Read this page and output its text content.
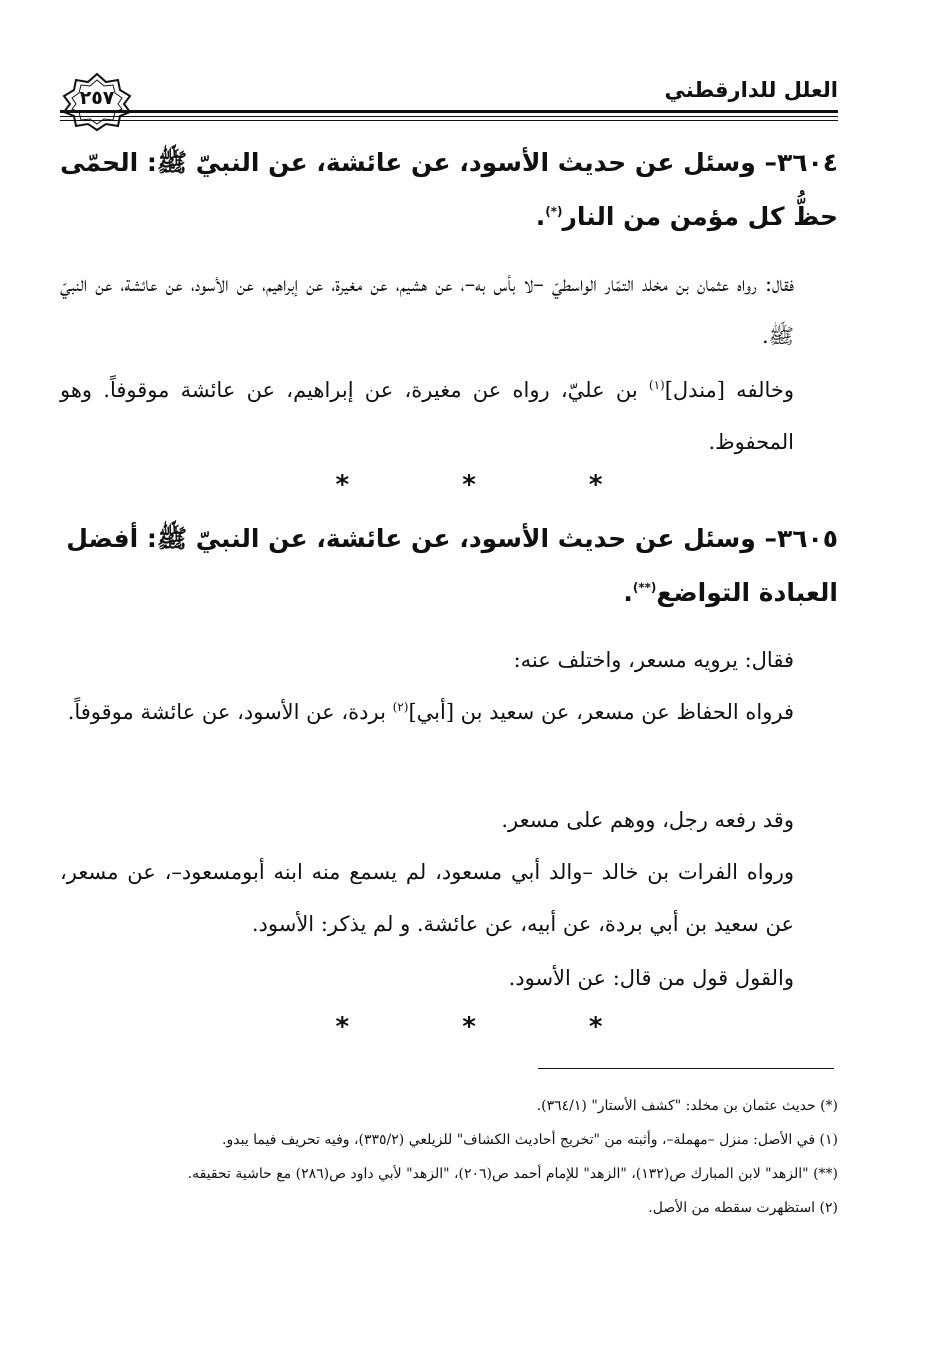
العلل للدارقطني
٢٥٧
٣٦٠٤– وسئل عن حديث الأسود، عن عائشة، عن النبيّ ﷺ: الحمّى حظُّ كل مؤمن من النار(*).
فقال: رواه عثمان بن مخلد التمّار الواسطيّ –لا بأس به–، عن هشيم، عن مغيرة، عن إبراهيم، عن الأسود، عن عائشة، عن النبيّ ﷺ.
وخالفه [مندل]$^{(١)}$ بن عليّ، رواه عن مغيرة، عن إبراهيم، عن عائشة موقوفاً. وهو المحفوظ.
* * *
٣٦٠٥– وسئل عن حديث الأسود، عن عائشة، عن النبيّ ﷺ: أفضل العبادة التواضع(**).
فقال: يرويه مسعر، واختلف عنه:
فرواه الحفاظ عن مسعر، عن سعيد بن [أبي]$^{(٢)}$ بردة، عن الأسود، عن عائشة موقوفاً.
وقد رفعه رجل، ووهم على مسعر.
ورواه الفرات بن خالد –والد أبي مسعود، لم يسمع منه ابنه أبومسعود–، عن مسعر، عن سعيد بن أبي بردة، عن أبيه، عن عائشة. و لم يذكر: الأسود.
والقول قول من قال: عن الأسود.
* * *
(*) حديث عثمان بن مخلد: "كشف الأستار" (٣٦٤/١).
(١) في الأصل: منزل –مهملة–، وأثبته من "تخريج أحاديث الكشاف" للزيلعي (٣٣٥/٢)، وفيه تحريف فيما يبدو.
(**) "الزهد" لابن المبارك ص(١٣٢)، "الزهد" للإمام أحمد ص(٢٠٦)، "الزهد" لأبي داود ص(٢٨٦) مع حاشية تحقيقه.
(٢) استظهرت سقطه من الأصل.
